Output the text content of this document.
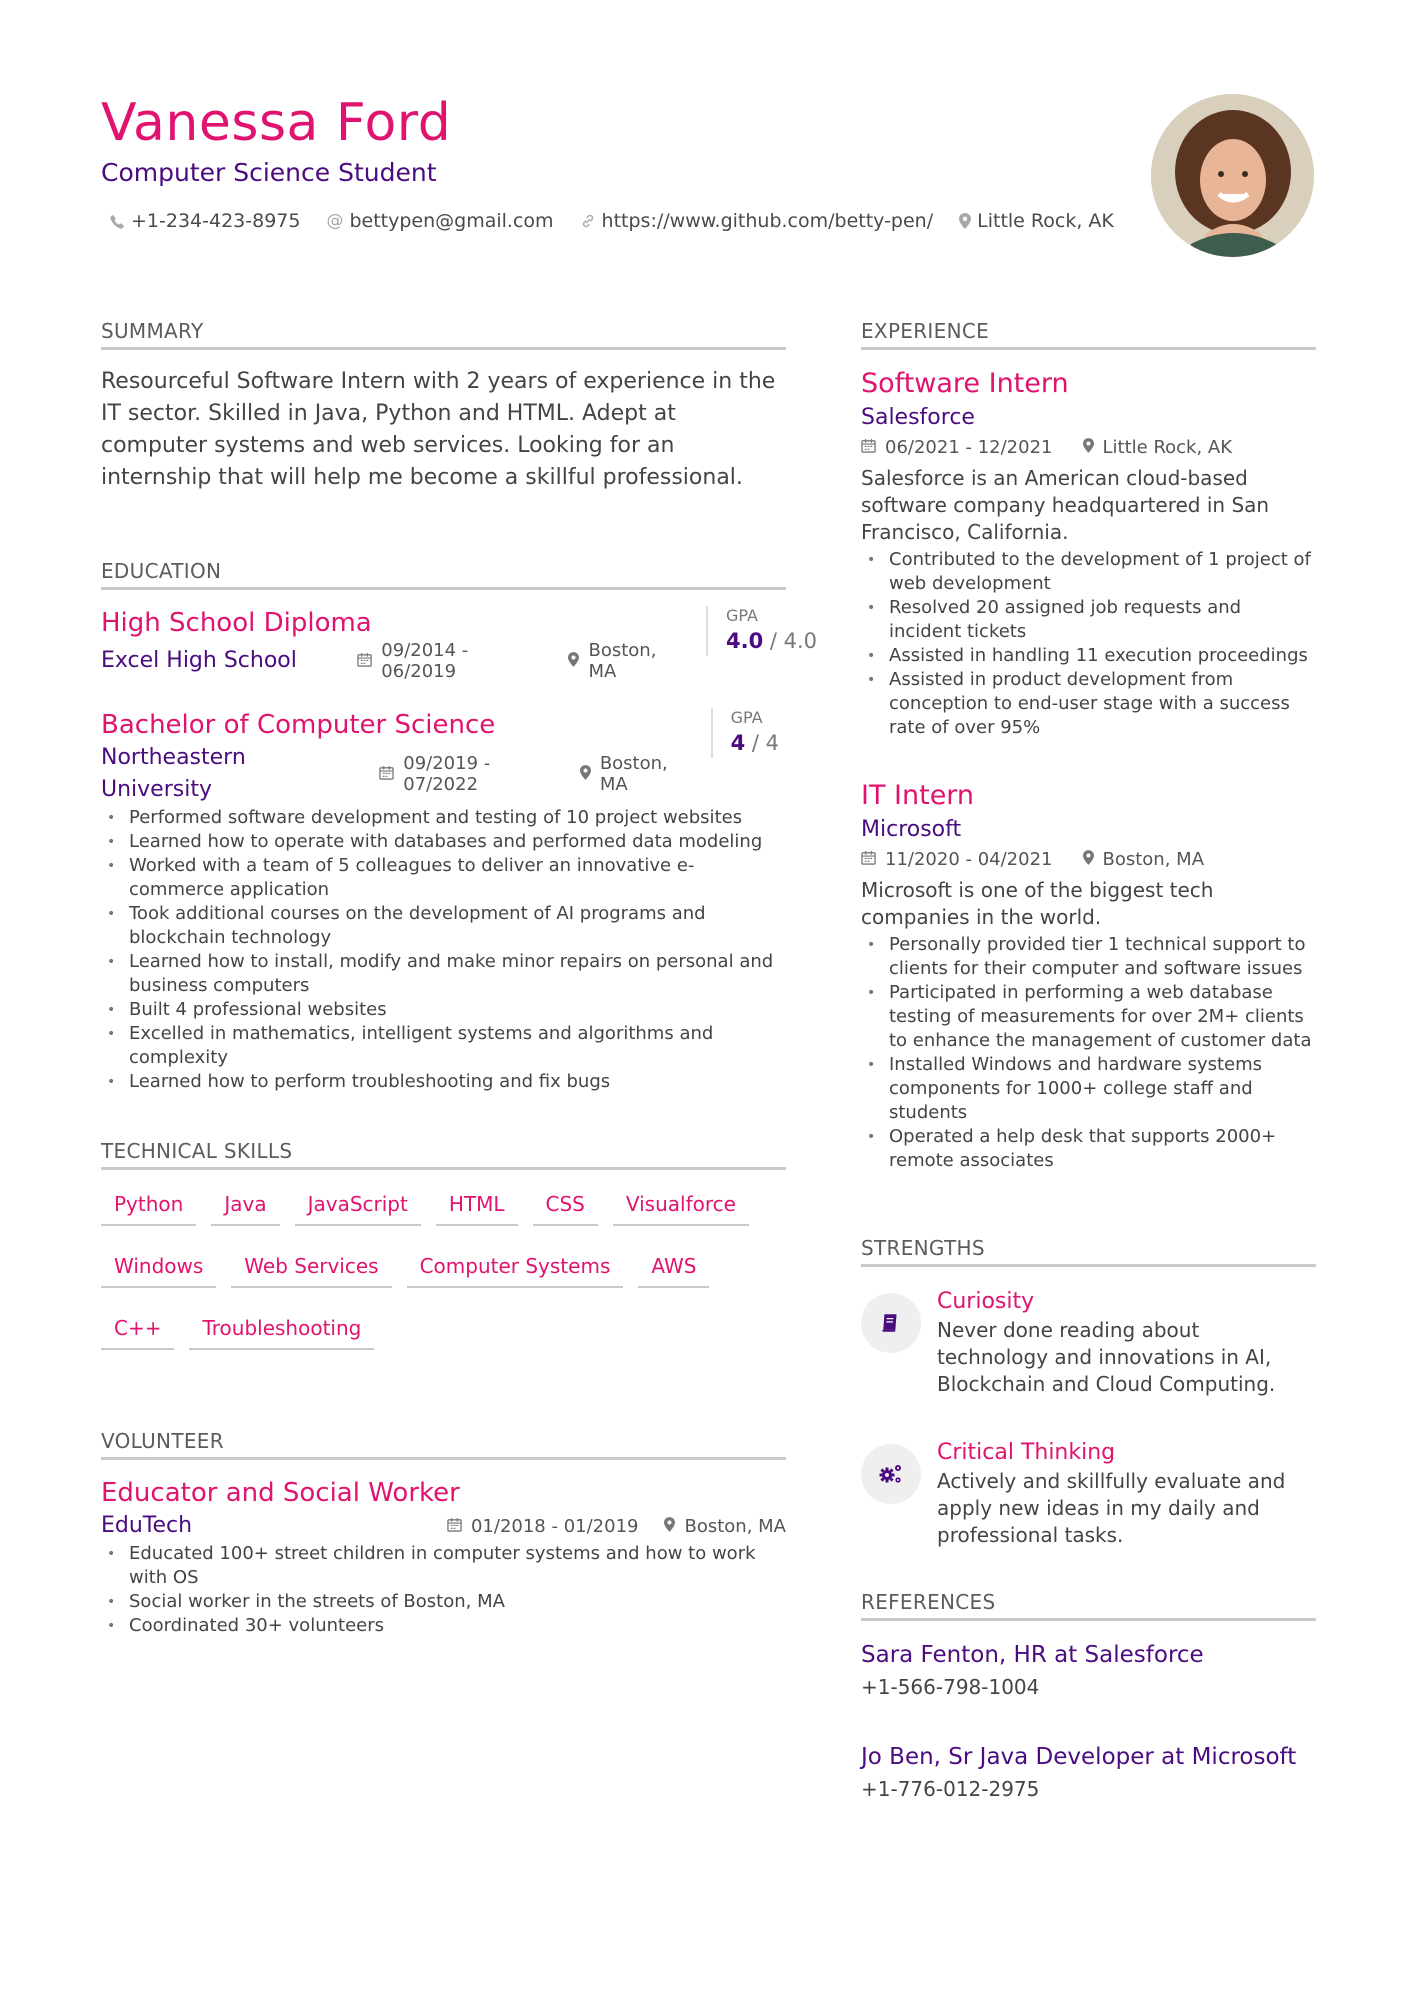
Vanessa Ford
Computer Science Student
+1-234-423-8975 @ bettypen@gmail.com	https://www.github.com/betty-pen/ Little Rock, AK
SUMMARY

Resourceful Software Intern with 2 years of experience in the IT sector. Skilled in Java, Python and HTML. Adept at computer systems and web services. Looking for an internship that will help me become a skillful professional.

EDUCATION
High School Diploma
Excel High School	09/2014 - 06/2019
Boston, MA
GPA
4.0 / 4.0
Bachelor of Computer Science
Northeastern University
09/2019 - 07/2022
Boston, MA
GPA
4 / 4
• Performed software development and testing of 10 project websites
• Learned how to operate with databases and performed data modeling
• Worked with a team of 5 colleagues to deliver an innovative e-commerce application
• Took additional courses on the development of AI programs and blockchain technology
• Learned how to install, modify and make minor repairs on personal and business computers
• Built 4 professional websites
• Excelled in mathematics, intelligent systems and algorithms and complexity
• Learned how to perform troubleshooting and fix bugs
TECHNICAL SKILLS
Python	Java	JavaScript	HTML	CSS	Visualforce
Windows	Web Services	Computer Systems	AWS
C++	Troubleshooting
VOLUNTEER
Educator and Social Worker
EduTech	01/2018 - 01/2019	Boston, MA
• Educated 100+ street children in computer systems and how to work with OS
• Social worker in the streets of Boston, MA
• Coordinated 30+ volunteers
EXPERIENCE
Software Intern
Salesforce
06/2021 - 12/2021	Little Rock, AK
Salesforce is an American cloud-based software company headquartered in San Francisco, California.
• Contributed to the development of 1 project of web development
• Resolved 20 assigned job requests and incident tickets
• Assisted in handling 11 execution proceedings
• Assisted in product development from conception to end-user stage with a success rate of over 95%
IT Intern
Microsoft
11/2020 - 04/2021	Boston, MA
Microsoft is one of the biggest tech companies in the world.
• Personally provided tier 1 technical support to clients for their computer and software issues
• Participated in performing a web database testing of measurements for over 2M+ clients to enhance the management of customer data
• Installed Windows and hardware systems components for 1000+ college staff and students
• Operated a help desk that supports 2000+ remote associates
STRENGTHS
Curiosity
Never done reading about technology and innovations in AI, Blockchain and Cloud Computing.
Critical Thinking
Actively and skillfully evaluate and apply new ideas in my daily and professional tasks.
REFERENCES
Sara Fenton, HR at Salesforce
+1-566-798-1004
Jo Ben, Sr Java Developer at Microsoft
+1-776-012-2975
